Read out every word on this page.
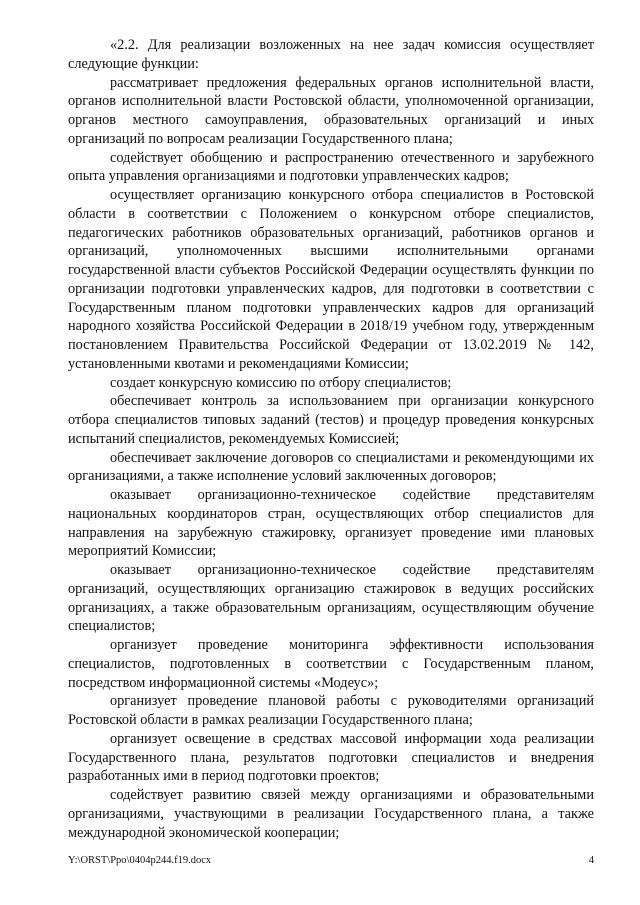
«2.2. Для реализации возложенных на нее задач комиссия осуществляет следующие функции:

рассматривает предложения федеральных органов исполнительной власти, органов исполнительной власти Ростовской области, уполномоченной организации, органов местного самоуправления, образовательных организаций и иных организаций по вопросам реализации Государственного плана;

содействует обобщению и распространению отечественного и зарубежного опыта управления организациями и подготовки управленческих кадров;

осуществляет организацию конкурсного отбора специалистов в Ростовской области в соответствии с Положением о конкурсном отборе специалистов, педагогических работников образовательных организаций, работников органов и организаций, уполномоченных высшими исполнительными органами государственной власти субъектов Российской Федерации осуществлять функции по организации подготовки управленческих кадров, для подготовки в соответствии с Государственным планом подготовки управленческих кадров для организаций народного хозяйства Российской Федерации в 2018/19 учебном году, утвержденным постановлением Правительства Российской Федерации от 13.02.2019 № 142, установленными квотами и рекомендациями Комиссии;

создает конкурсную комиссию по отбору специалистов;

обеспечивает контроль за использованием при организации конкурсного отбора специалистов типовых заданий (тестов) и процедур проведения конкурсных испытаний специалистов, рекомендуемых Комиссией;

обеспечивает заключение договоров со специалистами и рекомендующими их организациями, а также исполнение условий заключенных договоров;

оказывает организационно-техническое содействие представителям национальных координаторов стран, осуществляющих отбор специалистов для направления на зарубежную стажировку, организует проведение ими плановых мероприятий Комиссии;

оказывает организационно-техническое содействие представителям организаций, осуществляющих организацию стажировок в ведущих российских организациях, а также образовательным организациям, осуществляющим обучение специалистов;

организует проведение мониторинга эффективности использования специалистов, подготовленных в соответствии с Государственным планом, посредством информационной системы «Модеус»;

организует проведение плановой работы с руководителями организаций Ростовской области в рамках реализации Государственного плана;

организует освещение в средствах массовой информации хода реализации Государственного плана, результатов подготовки специалистов и внедрения разработанных ими в период подготовки проектов;

содействует развитию связей между организациями и образовательными организациями, участвующими в реализации Государственного плана, а также международной экономической кооперации;

Y:\ORST\Ppo\0404p244.f19.docx	4
